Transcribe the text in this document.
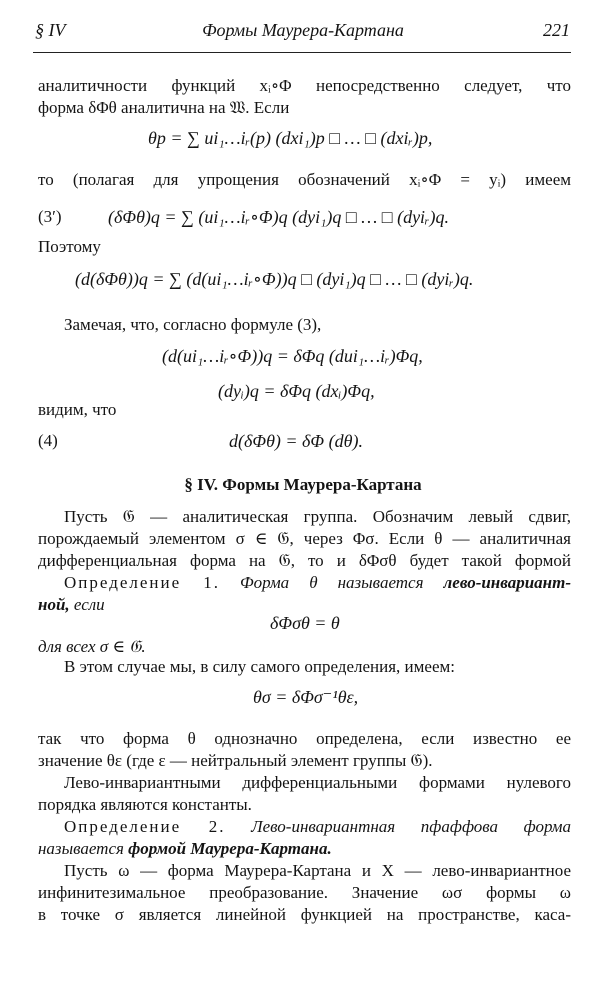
§ IV	Формы Маурера-Картана	221
аналитичности функций xᵢ∘Φ непосредственно следует, что
форма δΦθ аналитична на 𝔚. Если
θp = ∑ ui₁…iᵣ(p) (dxi₁)p □ … □ (dxiᵣ)p,
то (полагая для упрощения обозначений xᵢ∘Φ = yᵢ) имеем
(3′)	(δΦθ)q = ∑ (ui₁…iᵣ∘Φ)q (dyi₁)q □ … □ (dyiᵣ)q.
Поэтому
(d(δΦθ))q = ∑ (d(ui₁…iᵣ∘Φ))q □ (dyi₁)q □ … □ (dyiᵣ)q.
Замечая, что, согласно формуле (3),
(d(ui₁…iᵣ∘Φ))q = δΦq (dui₁…iᵣ)Φq,
(dyᵢ)q = δΦq (dxᵢ)Φq,
видим, что
(4)	d(δΦθ) = δΦ (dθ).
§ IV. Формы Маурера-Картана
Пусть 𝔊 — аналитическая группа. Обозначим левый сдвиг,
порождаемый элементом σ ∈ 𝔊, через Φσ. Если θ — аналитичная
дифференциальная форма на 𝔊, то и δΦσθ будет такой формой
Определение 1. Форма θ называется лево-инвариант-
ной, если
δΦσθ = θ
для всех σ ∈ 𝔊.
В этом случае мы, в силу самого определения, имеем:
θσ = δΦσ⁻¹θε,
так что форма θ однозначно определена, если известно ее
значение θε (где ε — нейтральный элемент группы 𝔊).
Лево-инвариантными дифференциальными формами нулевого
порядка являются константы.
Определение 2. Лево-инвариантная пфаффова форма
называется формой Маурера-Картана.
Пусть ω — форма Маурера-Картана и X — лево-инвариантное
инфинитезимальное преобразование. Значение ωσ формы ω
в точке σ является линейной функцией на пространстве, каса-
